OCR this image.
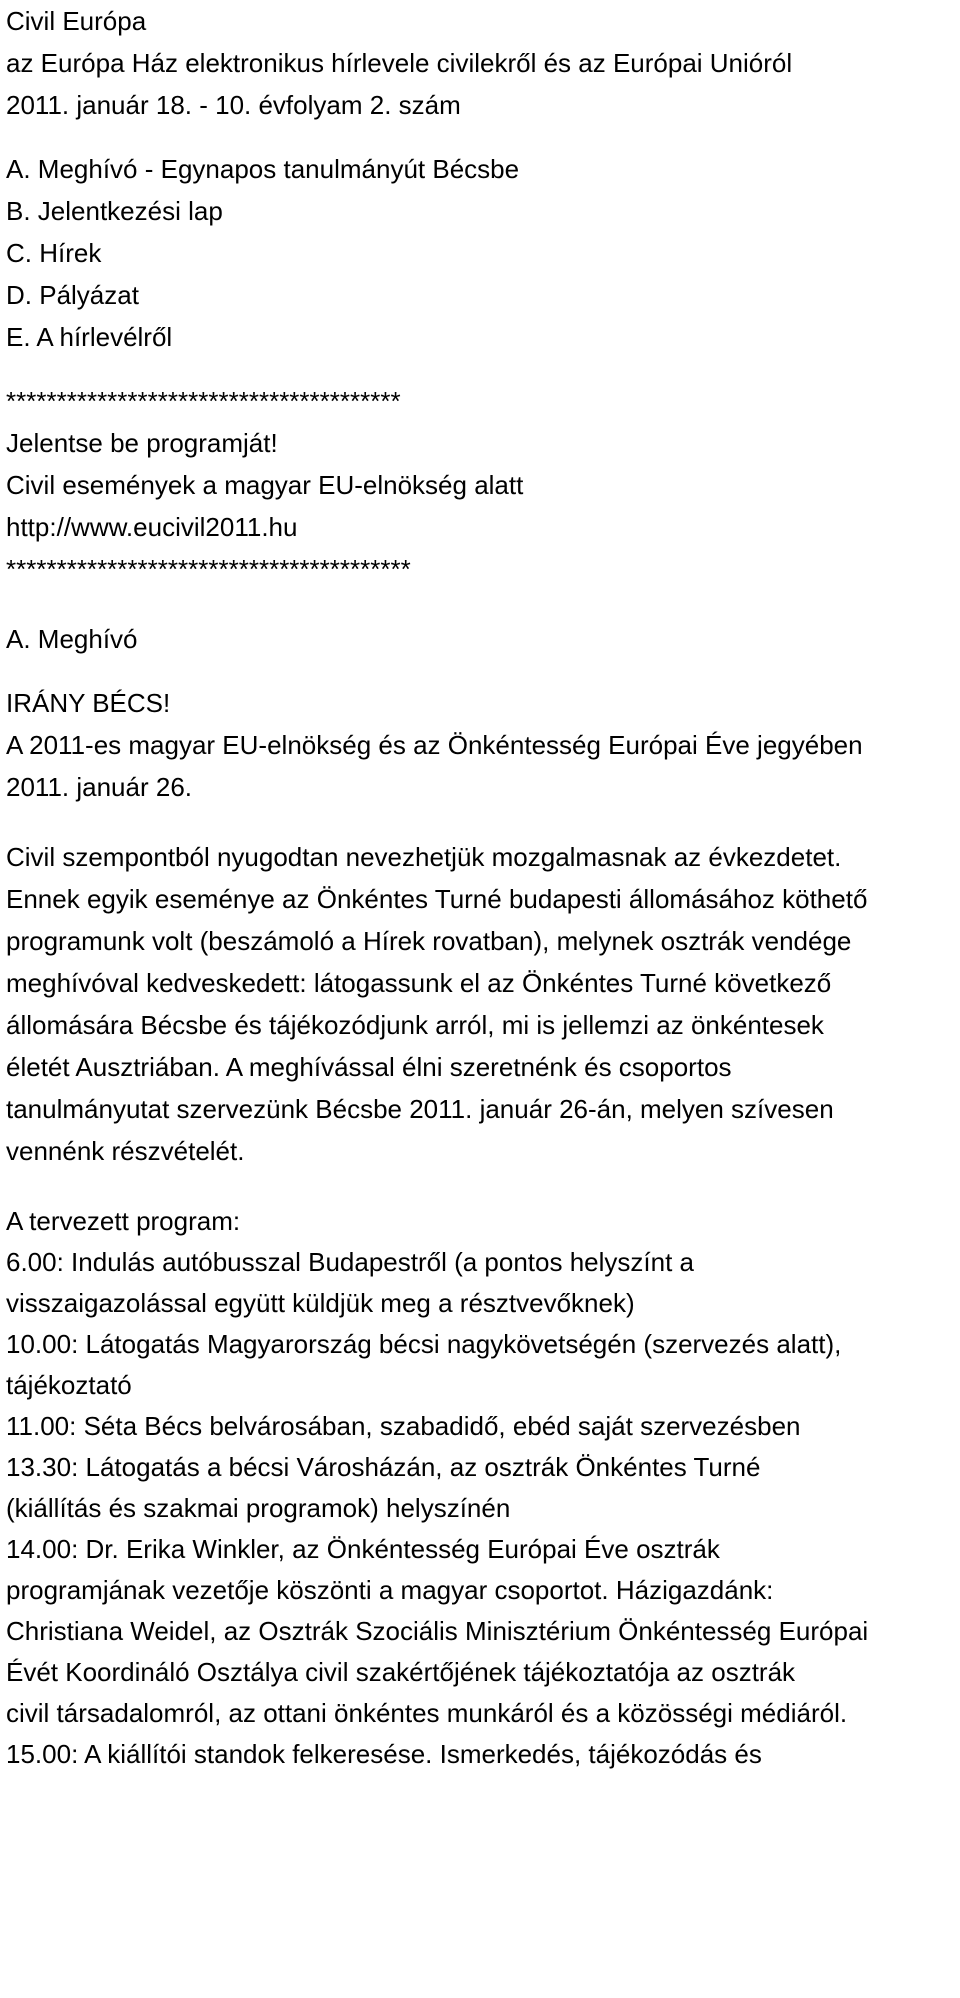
Civil Európa
az Európa Ház elektronikus hírlevele civilekről és az Európai Unióról
2011. január 18. - 10. évfolyam 2. szám
A. Meghívó - Egynapos tanulmányút Bécsbe
B. Jelentkezési lap
C. Hírek
D. Pályázat
E. A hírlevélről
***************************************
Jelentse be programját!
Civil események a magyar EU-elnökség alatt
http://www.eucivil2011.hu
****************************************
A. Meghívó
IRÁNY BÉCS!
A 2011-es magyar EU-elnökség és az Önkéntesség Európai Éve jegyében
2011. január 26.
Civil szempontból nyugodtan nevezhetjük mozgalmasnak az évkezdetet.
Ennek egyik eseménye az Önkéntes Turné budapesti állomásához köthető
programunk volt (beszámoló a Hírek rovatban), melynek osztrák vendége
meghívóval kedveskedett: látogassunk el az Önkéntes Turné következő
állomására Bécsbe és tájékozódjunk arról, mi is jellemzi az önkéntesek
életét Ausztriában. A meghívással élni szeretnénk és csoportos
tanulmányutat szervezünk Bécsbe 2011. január 26-án, melyen szívesen
vennénk részvételét.
A tervezett program:
6.00: Indulás autóbusszal Budapestről (a pontos helyszínt a
visszaigazolással együtt küldjük meg a résztvevőknek)
10.00: Látogatás Magyarország bécsi nagykövetségén (szervezés alatt),
tájékoztató
11.00: Séta Bécs belvárosában, szabadidő, ebéd saját szervezésben
13.30: Látogatás a bécsi Városházán, az osztrák Önkéntes Turné
(kiállítás és szakmai programok) helyszínén
14.00: Dr. Erika Winkler, az Önkéntesség Európai Éve osztrák
programjának vezetője köszönti a magyar csoportot. Házigazdánk:
Christiana Weidel, az Osztrák Szociális Minisztérium Önkéntesség Európai
Évét Koordináló Osztálya civil szakértőjének tájékoztatója az osztrák
civil társadalomról, az ottani önkéntes munkáról és a közösségi médiáról.
15.00: A kiállítói standok felkeresése. Ismerkedés, tájékozódás és
